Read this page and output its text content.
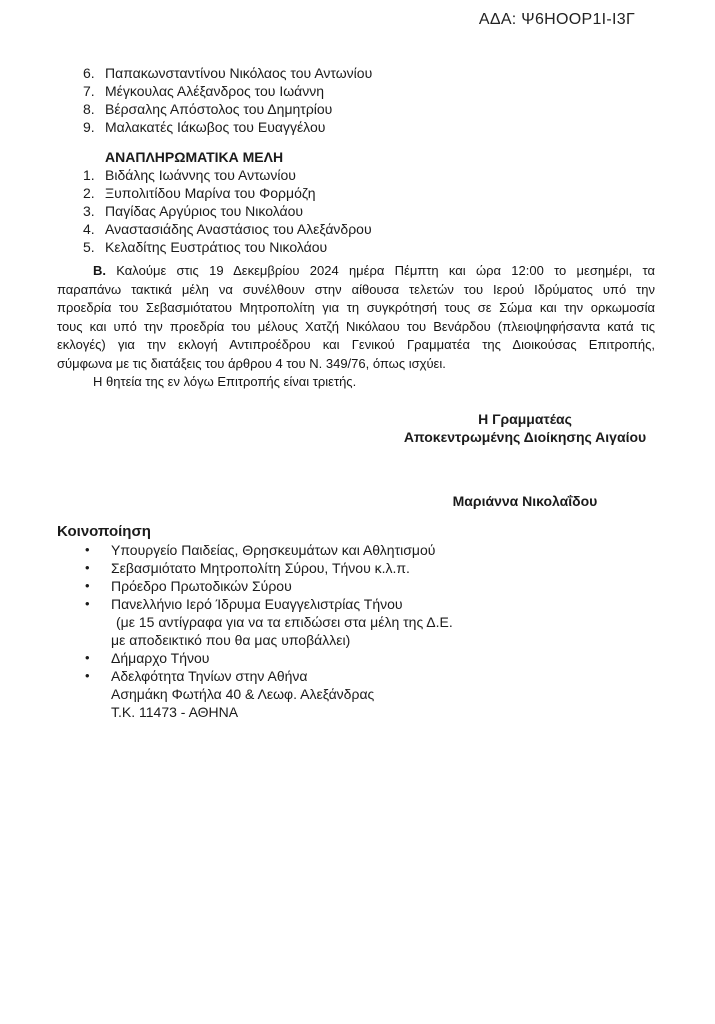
ΑΔΑ: Ψ6HOOP1I-I3Γ
6. Παπακωνσταντίνου Νικόλαος του Αντωνίου
7. Μέγκουλας Αλέξανδρος του Ιωάννη
8. Βέρσαλης Απόστολος του Δημητρίου
9. Μαλακατές Ιάκωβος του Ευαγγέλου
ΑΝΑΠΛΗΡΩΜΑΤΙΚΑ ΜΕΛΗ
1. Βιδάλης Ιωάννης του Αντωνίου
2. Ξυπολιτίδου Μαρίνα του Φορμόζη
3. Παγίδας Αργύριος του Νικολάου
4. Αναστασιάδης Αναστάσιος του Αλεξάνδρου
5. Κελαδίτης Ευστράτιος του Νικολάου
Β. Καλούμε στις 19 Δεκεμβρίου 2024 ημέρα Πέμπτη και ώρα 12:00 το μεσημέρι, τα
παραπάνω τακτικά μέλη να συνέλθουν στην αίθουσα τελετών του Ιερού Ιδρύματος υπό την
προεδρία του Σεβασμιότατου Μητροπολίτη για τη συγκρότησή τους σε Σώμα και την ορκωμοσία
τους και υπό την προεδρία του μέλους Χατζή Νικόλαου του Βενάρδου (πλειοψηφήσαντα κατά τις
εκλογές) για την εκλογή Αντιπροέδρου και Γενικού Γραμματέα της Διοικούσας Επιτροπής,
σύμφωνα με τις διατάξεις του άρθρου 4 του Ν. 349/76, όπως ισχύει.
Η θητεία της εν λόγω Επιτροπής είναι τριετής.
Η Γραμματέας
Αποκεντρωμένης Διοίκησης Αιγαίου
Μαριάννα Νικολαΐδου
Κοινοποίηση
•	Υπουργείο Παιδείας, Θρησκευμάτων και Αθλητισμού
•	Σεβασμιότατο Μητροπολίτη Σύρου, Τήνου κ.λ.π.
•	Πρόεδρο Πρωτοδικών Σύρου
•	Πανελλήνιο Ιερό Ίδρυμα Ευαγγελιστρίας Τήνου
(με 15 αντίγραφα για να τα επιδώσει στα μέλη της Δ.Ε.
με αποδεικτικό που θα μας υποβάλλει)
•	Δήμαρχο Τήνου
•	Αδελφότητα Τηνίων στην Αθήνα
Ασημάκη Φωτήλα 40 & Λεωφ. Αλεξάνδρας
Τ.Κ. 11473 - ΑΘΗΝΑ
